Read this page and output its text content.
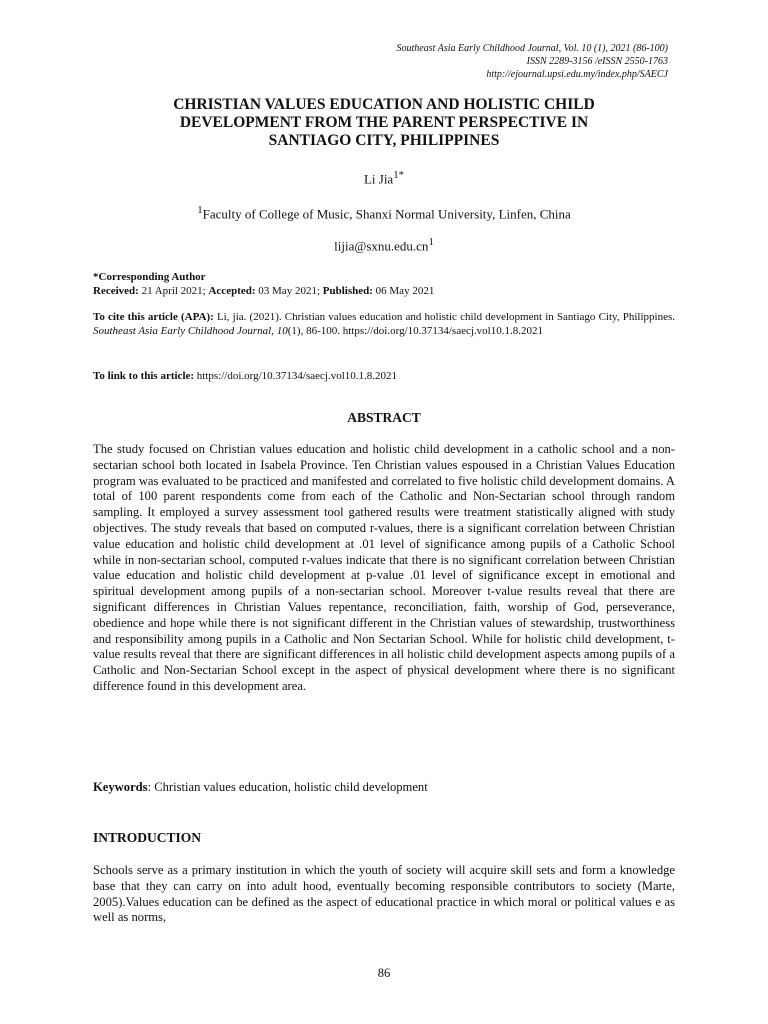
Southeast Asia Early Childhood Journal, Vol. 10 (1), 2021 (86-100)
ISSN 2289-3156 /eISSN 2550-1763
http://ejournal.upsi.edu.my/index.php/SAECJ
CHRISTIAN VALUES EDUCATION AND HOLISTIC CHILD
DEVELOPMENT FROM THE PARENT PERSPECTIVE IN
SANTIAGO CITY, PHILIPPINES
Li Jia$^{1*}$
$^1$Faculty of College of Music, Shanxi Normal University, Linfen, China
$lijia@sxnu.edu.cn^1$
*Corresponding Author
Received: 21 April 2021; Accepted: 03 May 2021; Published: 06 May 2021
To cite this article (APA): Li, jia. (2021). Christian values education and holistic child development in Santiago City, Philippines. Southeast Asia Early Childhood Journal, 10(1), 86-100. https://doi.org/10.37134/saecj.vol10.1.8.2021
To link to this article: https://doi.org/10.37134/saecj.vol10.1.8.2021
ABSTRACT

The study focused on Christian values education and holistic child development in a catholic school and a non-sectarian school both located in Isabela Province. Ten Christian values espoused in a Christian Values Education program was evaluated to be practiced and manifested and correlated to five holistic child development domains. A total of 100 parent respondents come from each of the Catholic and Non-Sectarian school through random sampling. It employed a survey assessment tool gathered results were treatment statistically aligned with study objectives. The study reveals that based on computed r-values, there is a significant correlation between Christian value education and holistic child development at .01 level of significance among pupils of a Catholic School while in non-sectarian school, computed r-values indicate that there is no significant correlation between Christian value education and holistic child development at p-value .01 level of significance except in emotional and spiritual development among pupils of a non-sectarian school. Moreover t-value results reveal that there are significant differences in Christian Values repentance, reconciliation, faith, worship of God, perseverance, obedience and hope while there is not significant different in the Christian values of stewardship, trustworthiness and responsibility among pupils in a Catholic and Non Sectarian School. While for holistic child development, t-value results reveal that there are significant differences in all holistic child development aspects among pupils of a Catholic and Non-Sectarian School except in the aspect of physical development where there is no significant difference found in this development area.

Keywords: Christian values education, holistic child development
INTRODUCTION

Schools serve as a primary institution in which the youth of society will acquire skill sets and form a knowledge base that they can carry on into adult hood, eventually becoming responsible contributors to society (Marte, 2005).Values education can be defined as the aspect of educational practice in which moral or political values e as well as norms,

86
